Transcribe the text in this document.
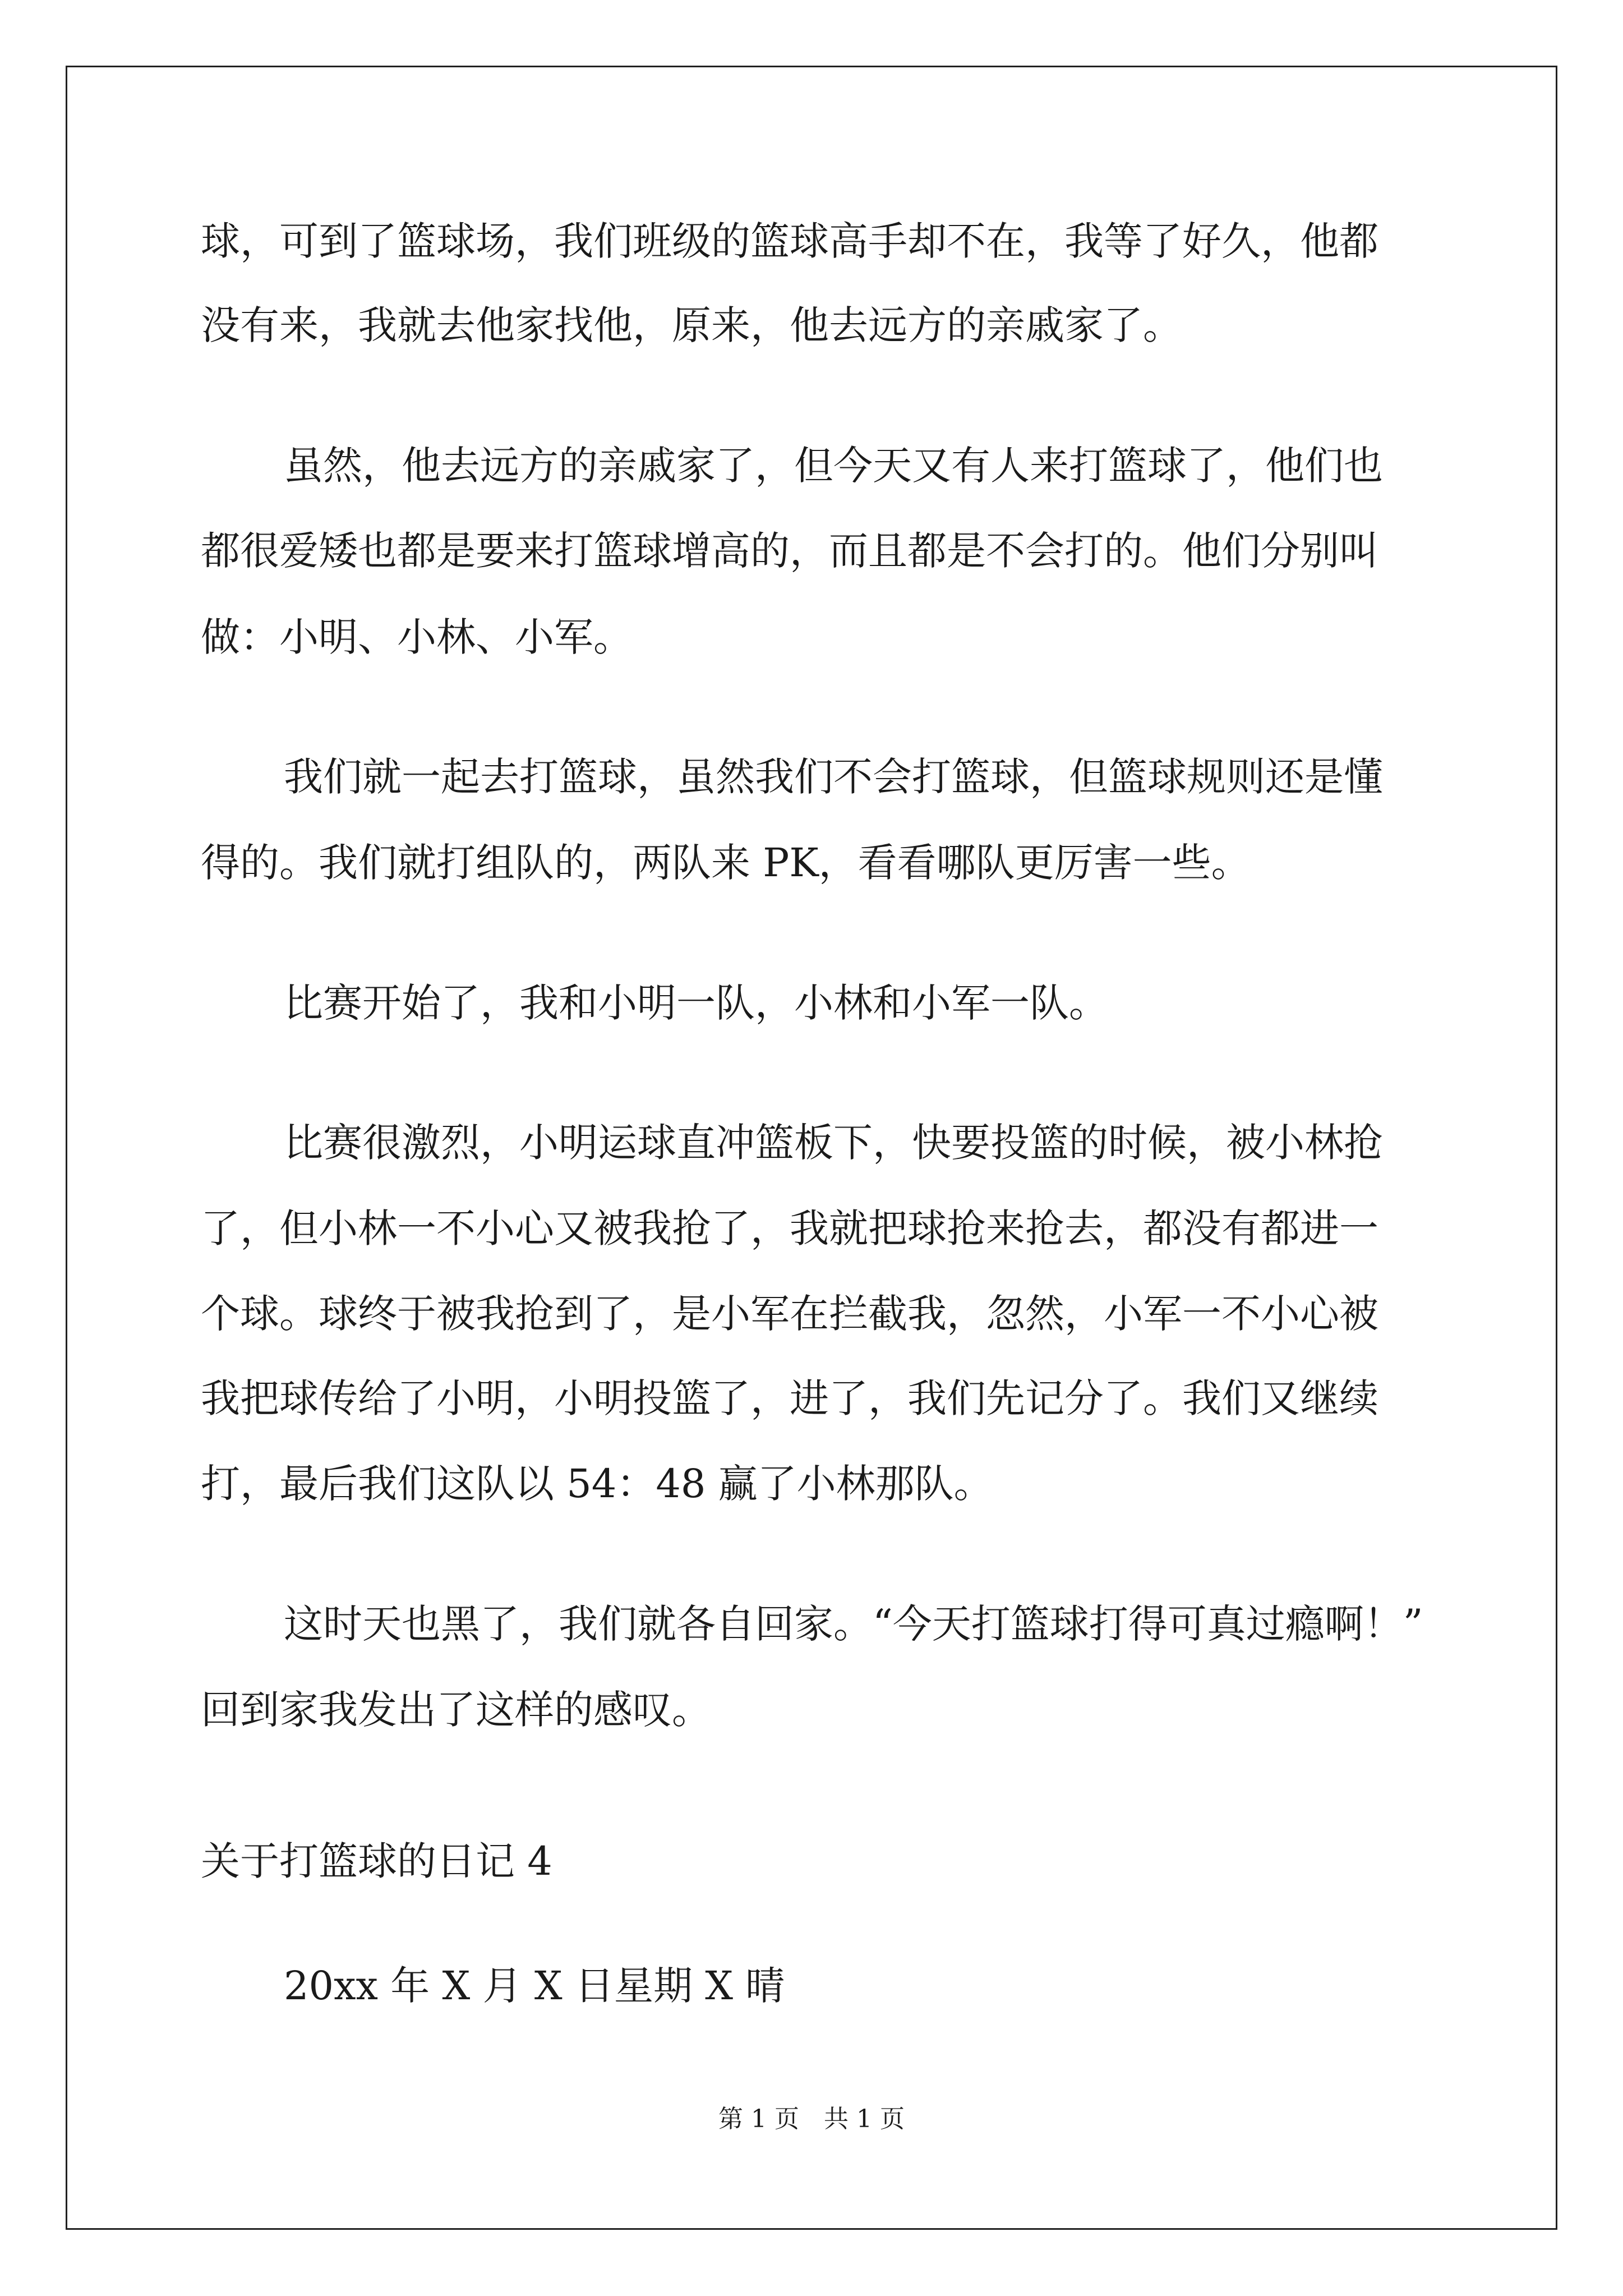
球，可到了篮球场，我们班级的篮球高手却不在，我等了好久，他都
没有来，我就去他家找他，原来，他去远方的亲戚家了。
虽然，他去远方的亲戚家了，但今天又有人来打篮球了，他们也
都很爱矮也都是要来打篮球增高的，而且都是不会打的。他们分别叫
做：小明、小林、小军。
我们就一起去打篮球，虽然我们不会打篮球，但篮球规则还是懂
得的。我们就打组队的，两队来 PK，看看哪队更厉害一些。
比赛开始了，我和小明一队，小林和小军一队。
比赛很激烈，小明运球直冲篮板下，快要投篮的时候，被小林抢
了，但小林一不小心又被我抢了，我就把球抢来抢去，都没有都进一
个球。球终于被我抢到了，是小军在拦截我，忽然，小军一不小心被
我把球传给了小明，小明投篮了，进了，我们先记分了。我们又继续
打，最后我们这队以 54：48 赢了小林那队。
这时天也黑了，我们就各自回家。“今天打篮球打得可真过瘾啊！”
回到家我发出了这样的感叹。
关于打篮球的日记 4
20xx 年 X 月 X 日星期 X 晴
第 1 页　共 1 页
